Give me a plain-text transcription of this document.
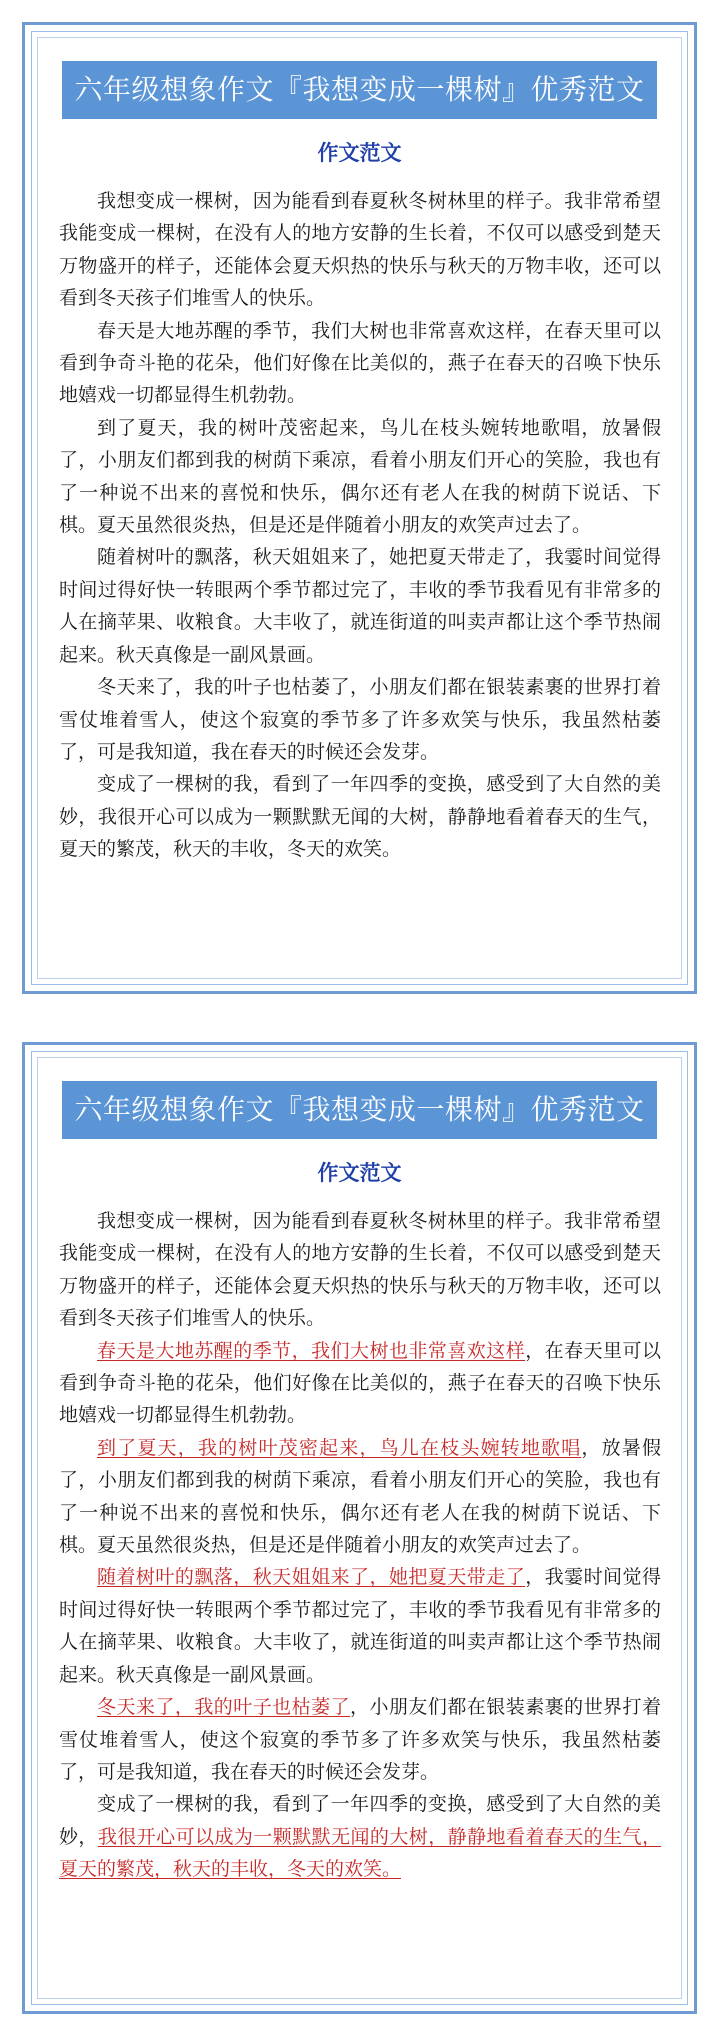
六年级想象作文『我想变成一棵树』优秀范文
作文范文

我想变成一棵树，因为能看到春夏秋冬树林里的样子。我非常希望我能变成一棵树，在没有人的地方安静的生长着，不仅可以感受到楚天万物盛开的样子，还能体会夏天炽热的快乐与秋天的万物丰收，还可以看到冬天孩子们堆雪人的快乐。

春天是大地苏醒的季节，我们大树也非常喜欢这样，在春天里可以看到争奇斗艳的花朵，他们好像在比美似的，燕子在春天的召唤下快乐地嬉戏一切都显得生机勃勃。

到了夏天，我的树叶茂密起来，鸟儿在枝头婉转地歌唱，放暑假了，小朋友们都到我的树荫下乘凉，看着小朋友们开心的笑脸，我也有了一种说不出来的喜悦和快乐，偶尔还有老人在我的树荫下说话、下棋。夏天虽然很炎热，但是还是伴随着小朋友的欢笑声过去了。

随着树叶的飘落，秋天姐姐来了，她把夏天带走了，我霎时间觉得时间过得好快一转眼两个季节都过完了，丰收的季节我看见有非常多的人在摘苹果、收粮食。大丰收了，就连街道的叫卖声都让这个季节热闹起来。秋天真像是一副风景画。

冬天来了，我的叶子也枯萎了，小朋友们都在银装素裹的世界打着雪仗堆着雪人，使这个寂寞的季节多了许多欢笑与快乐，我虽然枯萎了，可是我知道，我在春天的时候还会发芽。

变成了一棵树的我，看到了一年四季的变换，感受到了大自然的美妙，我很开心可以成为一颗默默无闻的大树，静静地看着春天的生气，夏天的繁茂，秋天的丰收，冬天的欢笑。

六年级想象作文『我想变成一棵树』优秀范文
作文范文

我想变成一棵树，因为能看到春夏秋冬树林里的样子。我非常希望我能变成一棵树，在没有人的地方安静的生长着，不仅可以感受到楚天万物盛开的样子，还能体会夏天炽热的快乐与秋天的万物丰收，还可以看到冬天孩子们堆雪人的快乐。

春天是大地苏醒的季节，我们大树也非常喜欢这样，在春天里可以看到争奇斗艳的花朵，他们好像在比美似的，燕子在春天的召唤下快乐地嬉戏一切都显得生机勃勃。

到了夏天，我的树叶茂密起来，鸟儿在枝头婉转地歌唱，放暑假了，小朋友们都到我的树荫下乘凉，看着小朋友们开心的笑脸，我也有了一种说不出来的喜悦和快乐，偶尔还有老人在我的树荫下说话、下棋。夏天虽然很炎热，但是还是伴随着小朋友的欢笑声过去了。

随着树叶的飘落，秋天姐姐来了，她把夏天带走了，我霎时间觉得时间过得好快一转眼两个季节都过完了，丰收的季节我看见有非常多的人在摘苹果、收粮食。大丰收了，就连街道的叫卖声都让这个季节热闹起来。秋天真像是一副风景画。

冬天来了，我的叶子也枯萎了，小朋友们都在银装素裹的世界打着雪仗堆着雪人，使这个寂寞的季节多了许多欢笑与快乐，我虽然枯萎了，可是我知道，我在春天的时候还会发芽。

变成了一棵树的我，看到了一年四季的变换，感受到了大自然的美妙，我很开心可以成为一颗默默无闻的大树，静静地看着春天的生气，夏天的繁茂，秋天的丰收，冬天的欢笑。
